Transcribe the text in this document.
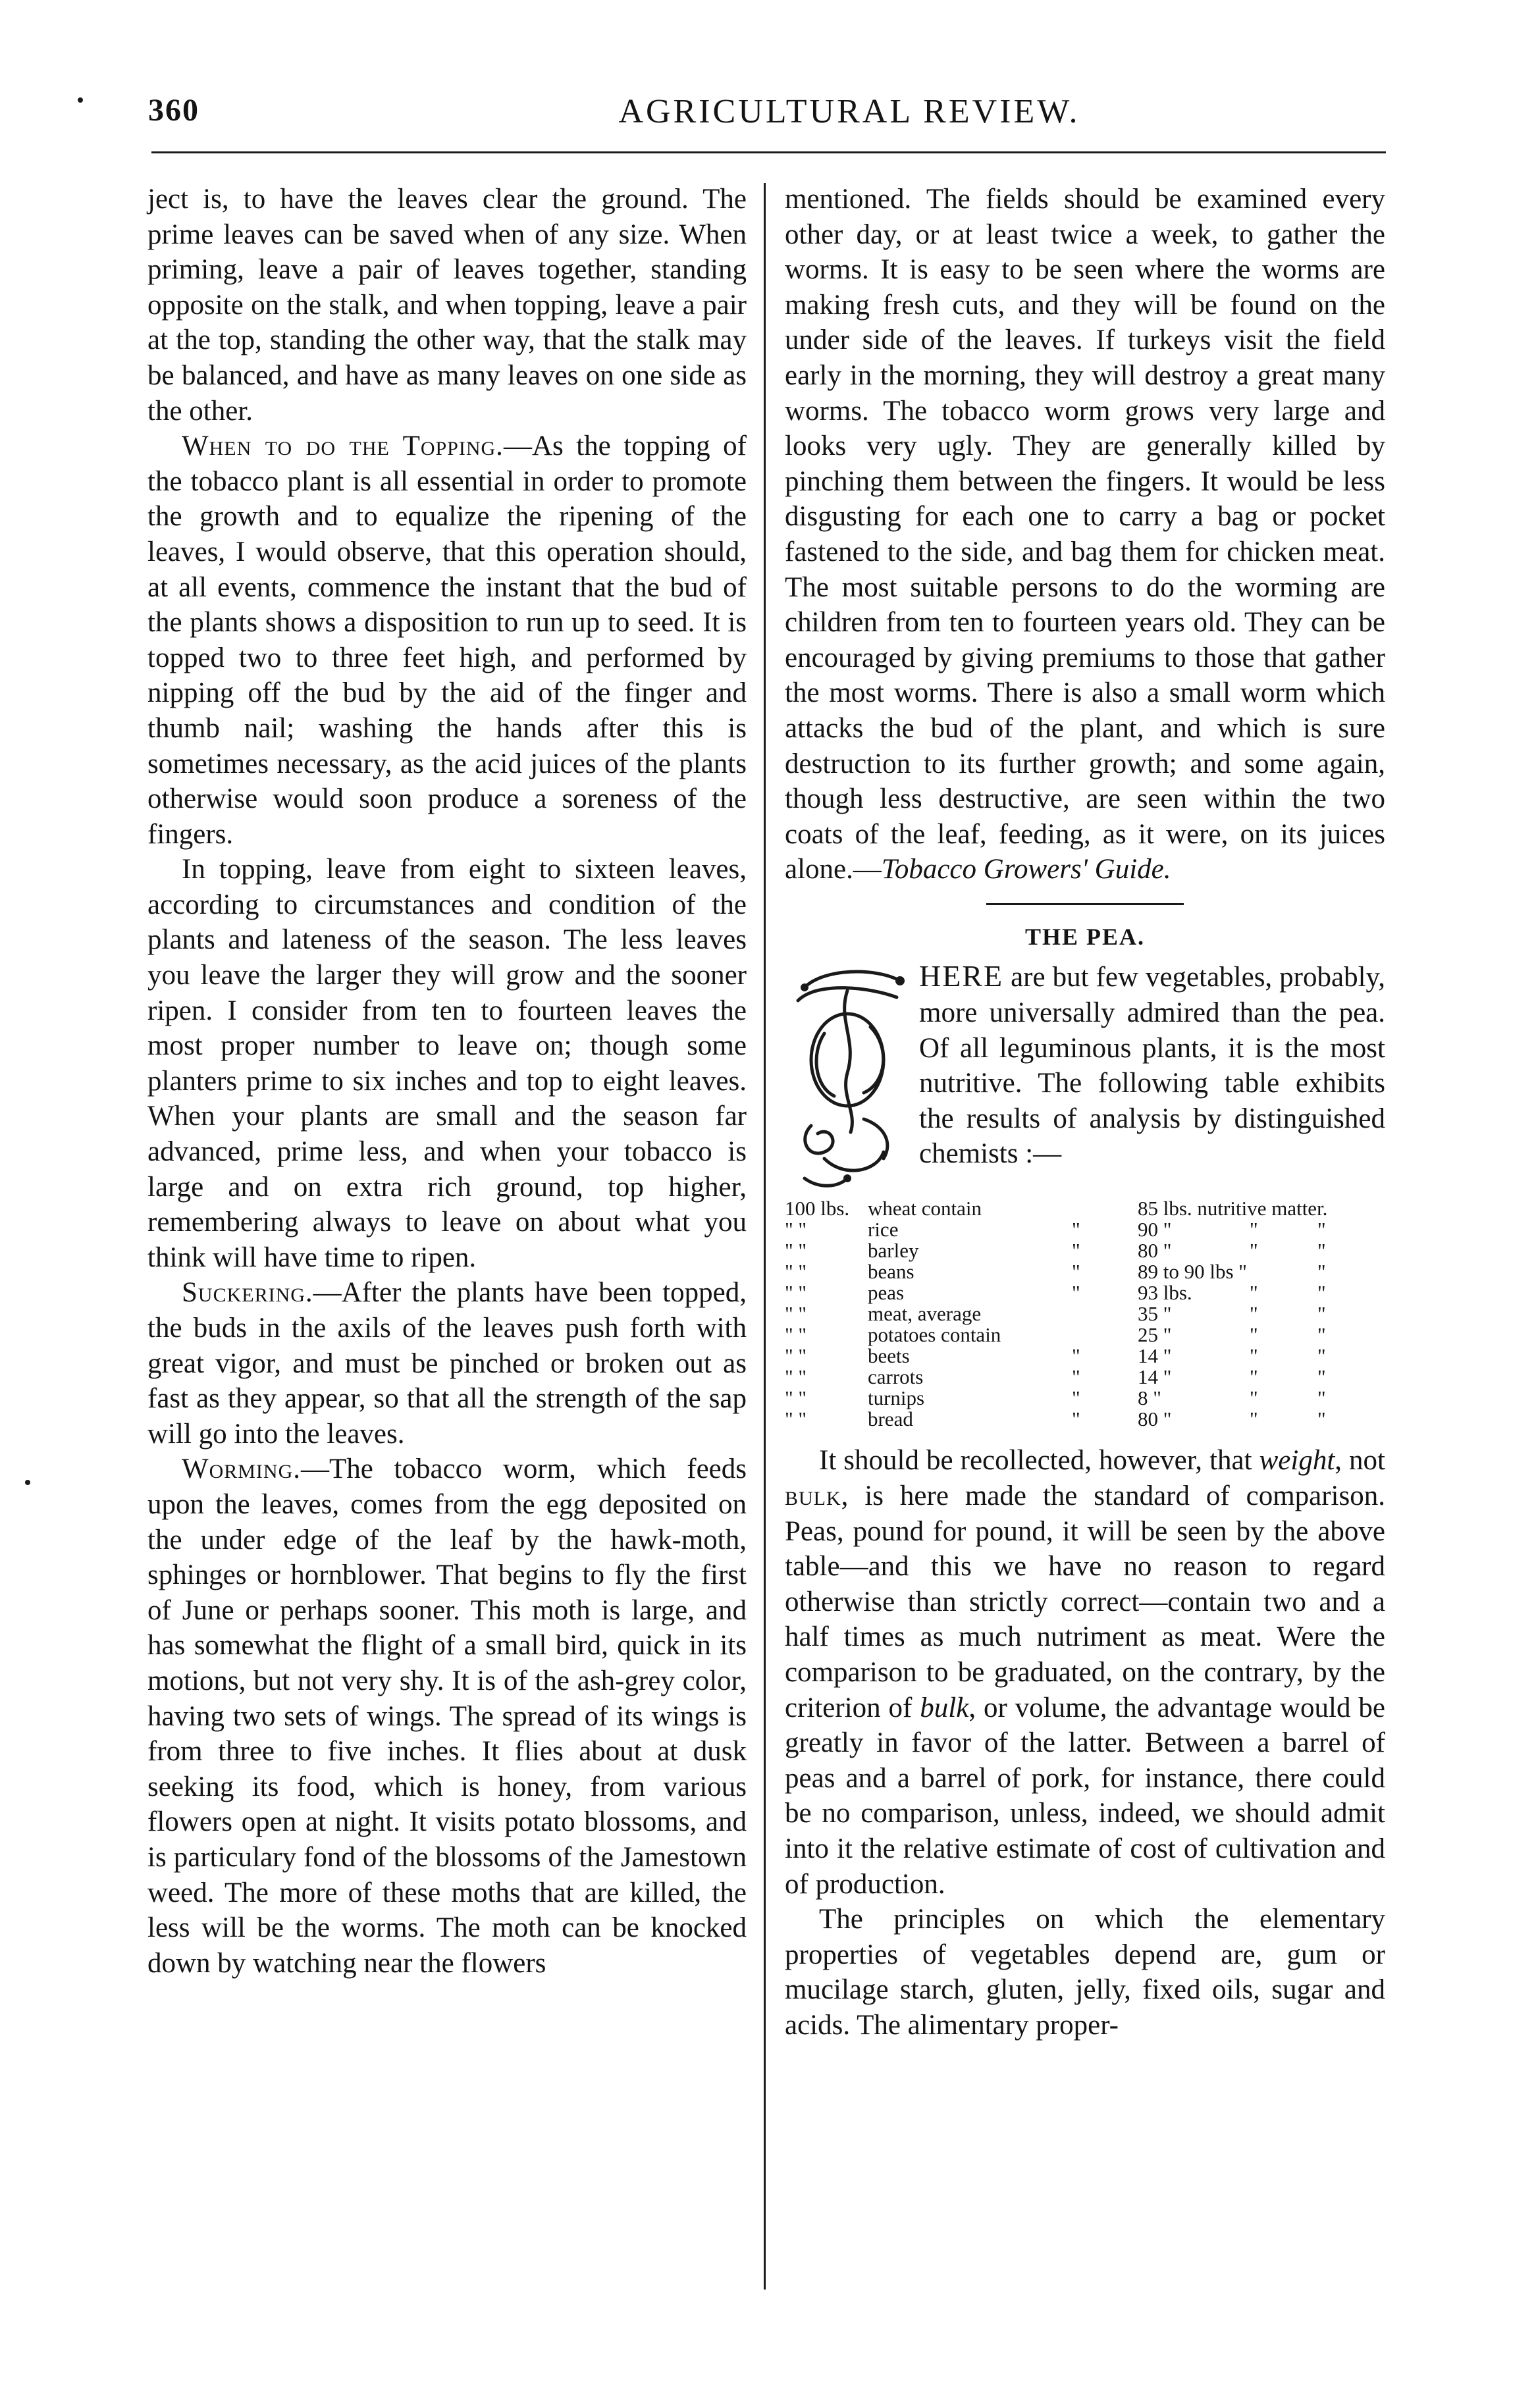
360	AGRICULTURAL REVIEW.

ject is, to have the leaves clear the ground. The prime leaves can be saved when of any size. When priming, leave a pair of leaves together, standing opposite on the stalk, and when topping, leave a pair at the top, standing the other way, that the stalk may be balanced, and have as many leaves on one side as the other.

When to do the Topping.—As the topping of the tobacco plant is all essential in order to promote the growth and to equalize the ripening of the leaves, I would observe, that this operation should, at all events, commence the instant that the bud of the plants shows a disposition to run up to seed. It is topped two to three feet high, and performed by nipping off the bud by the aid of the finger and thumb nail; washing the hands after this is sometimes necessary, as the acid juices of the plants otherwise would soon produce a soreness of the fingers.

In topping, leave from eight to sixteen leaves, according to circumstances and condition of the plants and lateness of the season. The less leaves you leave the larger they will grow and the sooner ripen. I consider from ten to fourteen leaves the most proper number to leave on; though some planters prime to six inches and top to eight leaves. When your plants are small and the season far advanced, prime less, and when your tobacco is large and on extra rich ground, top higher, remembering always to leave on about what you think will have time to ripen.

Suckering.—After the plants have been topped, the buds in the axils of the leaves push forth with great vigor, and must be pinched or broken out as fast as they appear, so that all the strength of the sap will go into the leaves.

Worming.—The tobacco worm, which feeds upon the leaves, comes from the egg deposited on the under edge of the leaf by the hawk-moth, sphinges or hornblower. That begins to fly the first of June or perhaps sooner. This moth is large, and has somewhat the flight of a small bird, quick in its motions, but not very shy. It is of the ash-grey color, having two sets of wings. The spread of its wings is from three to five inches. It flies about at dusk seeking its food, which is honey, from various flowers open at night. It visits potato blossoms, and is particulary fond of the blossoms of the Jamestown weed. The more of these moths that are killed, the less will be the worms. The moth can be knocked down by watching near the flowers

mentioned. The fields should be examined every other day, or at least twice a week, to gather the worms. It is easy to be seen where the worms are making fresh cuts, and they will be found on the under side of the leaves. If turkeys visit the field early in the morning, they will destroy a great many worms. The tobacco worm grows very large and looks very ugly. They are generally killed by pinching them between the fingers. It would be less disgusting for each one to carry a bag or pocket fastened to the side, and bag them for chicken meat. The most suitable persons to do the worming are children from ten to fourteen years old. They can be encouraged by giving premiums to those that gather the most worms. There is also a small worm which attacks the bud of the plant, and which is sure destruction to its further growth; and some again, though less destructive, are seen within the two coats of the leaf, feeding, as it were, on its juices alone.—Tobacco Growers' Guide.

THE PEA.

HERE are but few vegetables, probably, more universally admired than the pea. Of all leguminous plants, it is the most nutritive. The following table exhibits the results of analysis by distinguished chemists :—

100 lbs.	wheat contain		85 lbs. nutritive matter.		
" "	rice	"	90 "	"	"
" "	barley	"	80 "	"	"
" "	beans	"	89 to 90 lbs "		"
" "	peas	"	93 lbs.	"	"
" "	meat, average		35 "	"	"
" "	potatoes contain		25 "	"	"
" "	beets	"	14 "	"	"
" "	carrots	"	14 "	"	"
" "	turnips	"	8 "	"	"
" "	bread	"	80 "	"	"

It should be recollected, however, that weight, not bulk, is here made the standard of comparison. Peas, pound for pound, it will be seen by the above table—and this we have no reason to regard otherwise than strictly correct—contain two and a half times as much nutriment as meat. Were the comparison to be graduated, on the contrary, by the criterion of bulk, or volume, the advantage would be greatly in favor of the latter. Between a barrel of peas and a barrel of pork, for instance, there could be no comparison, unless, indeed, we should admit into it the relative estimate of cost of cultivation and of production.

The principles on which the elementary properties of vegetables depend are, gum or mucilage starch, gluten, jelly, fixed oils, sugar and acids. The alimentary proper-
